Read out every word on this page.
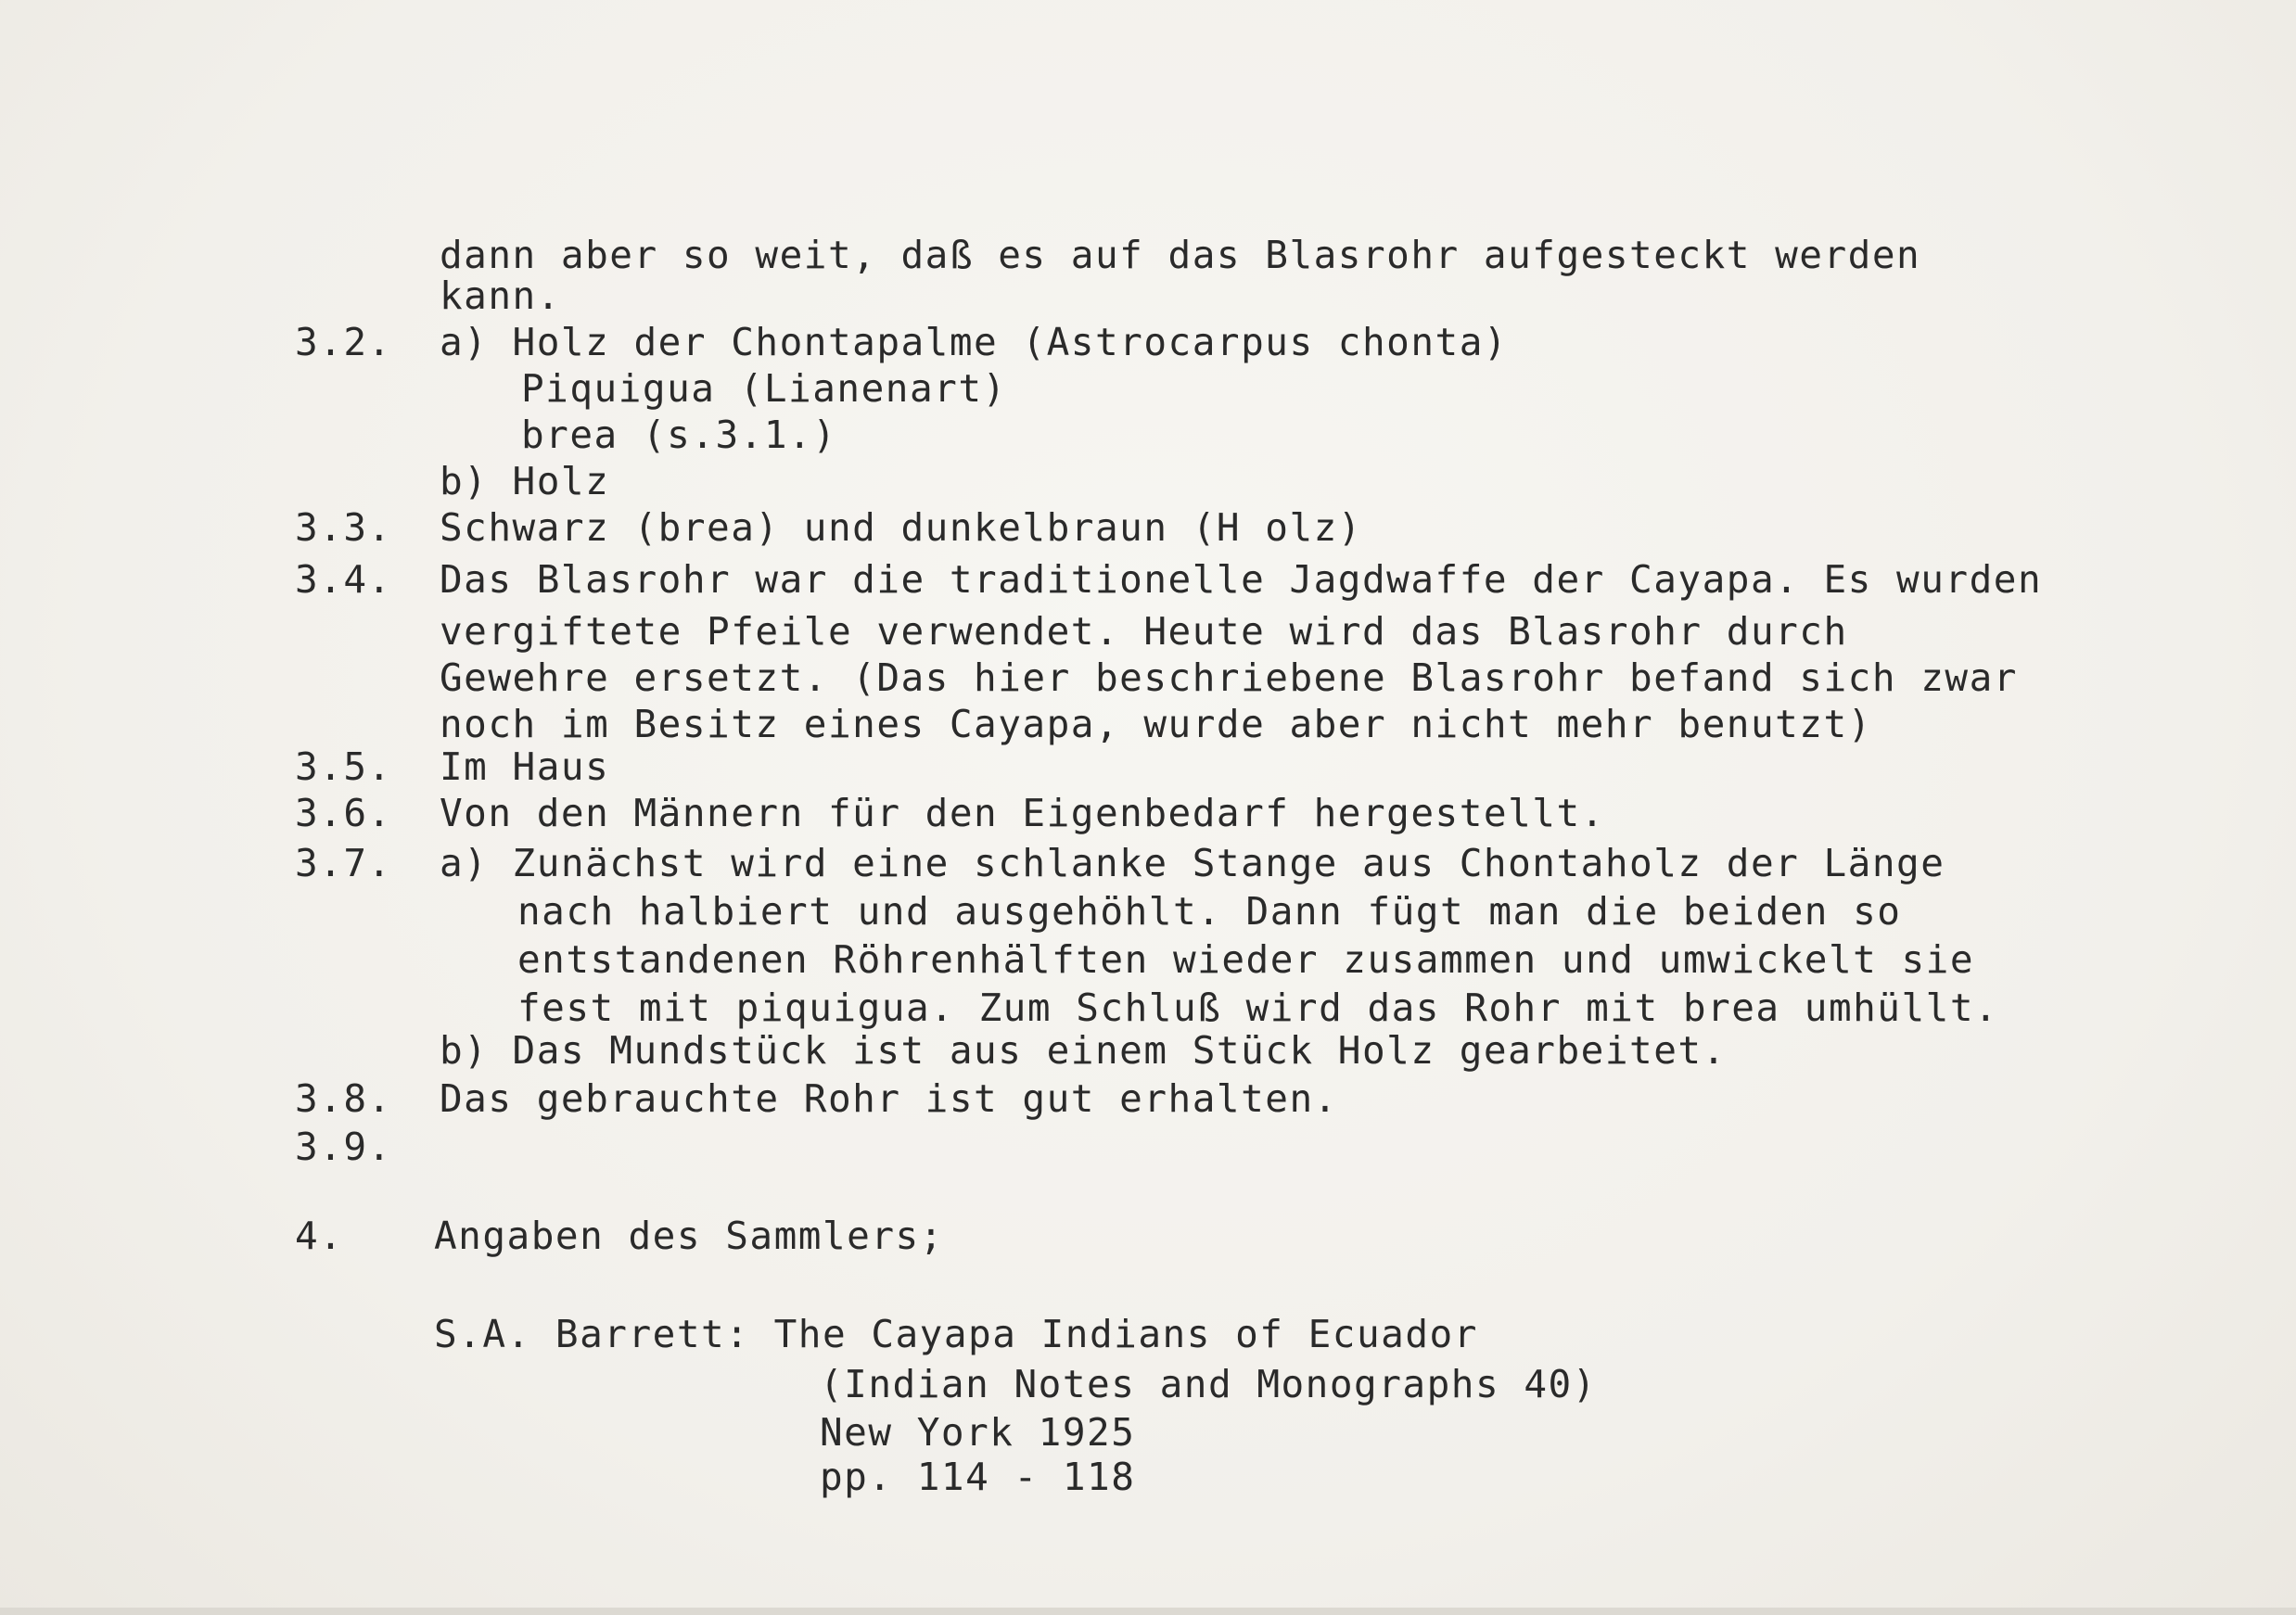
dann aber so weit, daß es auf das Blasrohr aufgesteckt werden
kann.
3.2. a) Holz der Chontapalme (Astrocarpus chonta)
Piquigua (Lianenart)
brea (s.3.1.)
b) Holz
3.3. Schwarz (brea) und dunkelbraun (H olz)
3.4. Das Blasrohr war die traditionelle Jagdwaffe der Cayapa. Es wurden
vergiftete Pfeile verwendet. Heute wird das Blasrohr durch
Gewehre ersetzt. (Das hier beschriebene Blasrohr befand sich zwar
noch im Besitz eines Cayapa, wurde aber nicht mehr benutzt)
3.5. Im Haus
3.6. Von den Männern für den Eigenbedarf hergestellt.
3.7. a) Zunächst wird eine schlanke Stange aus Chontaholz der Länge
nach halbiert und ausgehöhlt. Dann fügt man die beiden so
entstandenen Röhrenhälften wieder zusammen und umwickelt sie
fest mit piquigua. Zum Schluß wird das Rohr mit brea umhüllt.
b) Das Mundstück ist aus einem Stück Holz gearbeitet.
3.8. Das gebrauchte Rohr ist gut erhalten.
3.9.
4. Angaben des Sammlers;
S.A. Barrett: The Cayapa Indians of Ecuador
(Indian Notes and Monographs 40)
New York 1925
pp. 114 - 118
